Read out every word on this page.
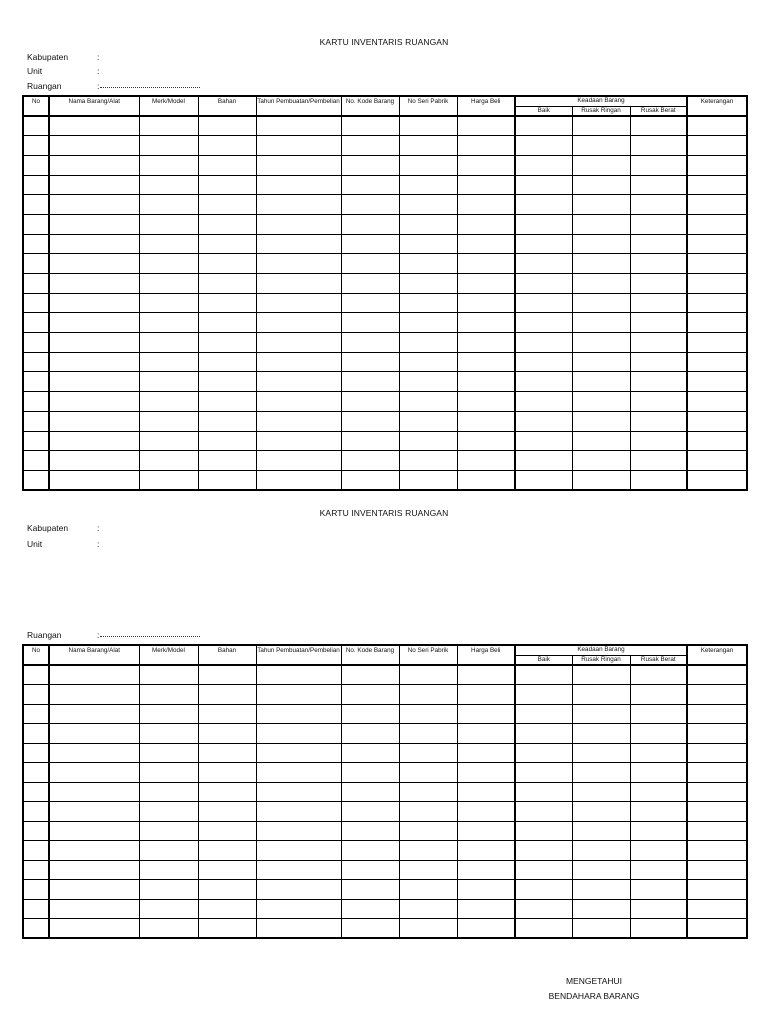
KARTU INVENTARIS RUANGAN
Kabupaten	:
Unit	:
Ruangan	:
No	Nama Barang/Alat	Merk/Model	Bahan	Tahun Pembuatan/Pembelian	No. Kode Barang	No Seri Pabrik	Harga Beli	Keadaan Barang			Keterangan
								Baik	Rusak Ringan	Rusak Berat	

KARTU INVENTARIS RUANGAN
Kabupaten	:
Unit	:
Ruangan	:
No	Nama Barang/Alat	Merk/Model	Bahan	Tahun Pembuatan/Pembelian	No. Kode Barang	No Seri Pabrik	Harga Beli	Keadaan Barang			Keterangan
								Baik	Rusak Ringan	Rusak Berat	

MENGETAHUI
BENDAHARA BARANG
